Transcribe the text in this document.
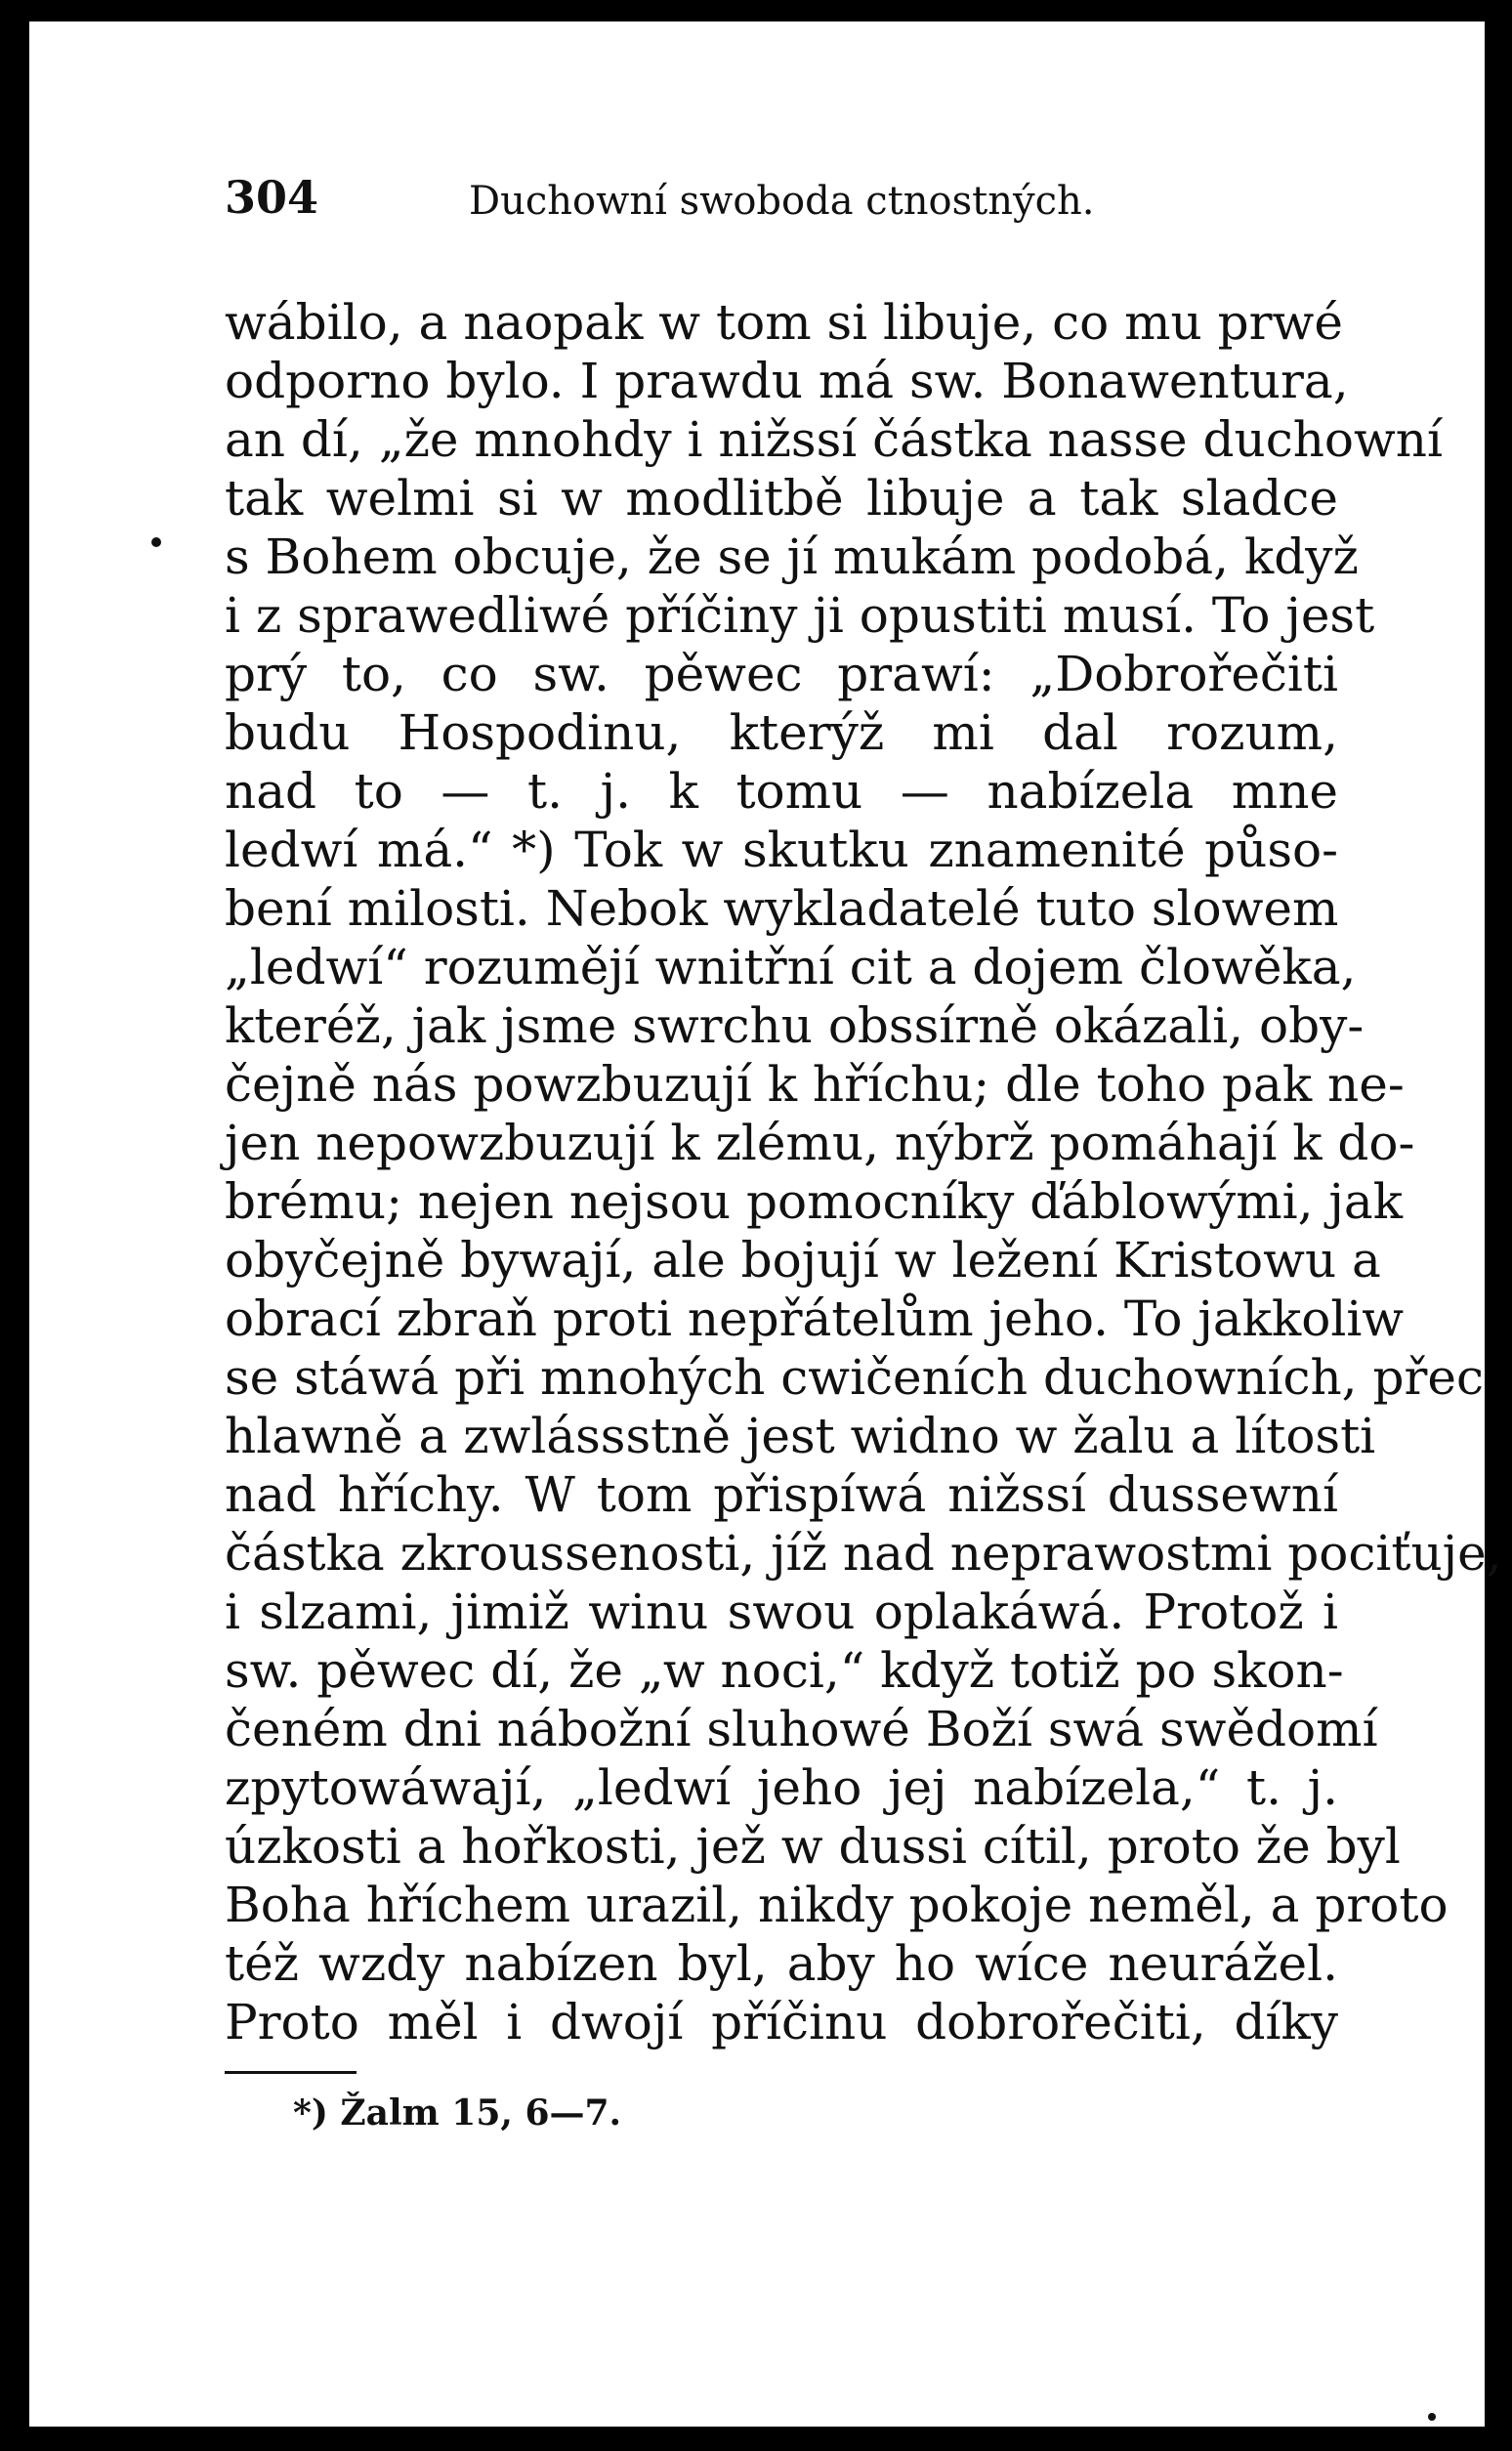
304	Duchowní swoboda ctnostných.
wábilo, a naopak w tom si libuje, co mu prwé
odporno bylo. I prawdu má sw. Bonawentura,
an dí, „že mnohdy i nižssí částka nasse duchowní
tak welmi si w modlitbě libuje a tak sladce
s Bohem obcuje, že se jí mukám podobá, když
i z sprawedliwé příčiny ji opustiti musí. To jest
prý to, co sw. pěwec prawí: „Dobrořečiti
budu Hospodinu, kterýž mi dal rozum,
nad to — t. j. k tomu — nabízela mne
ledwí má.“ *) Tok w skutku znamenité půso-
bení milosti. Nebok wykladatelé tuto slowem
„ledwí“ rozumějí wnitřní cit a dojem člowěka,
kteréž, jak jsme swrchu obssírně okázali, oby-
čejně nás powzbuzují k hříchu; dle toho pak ne-
jen nepowzbuzují k zlému, nýbrž pomáhají k do-
brému; nejen nejsou pomocníky ďáblowými, jak
obyčejně bywají, ale bojují w ležení Kristowu a
obrací zbraň proti nepřátelům jeho. To jakkoliw
se stáwá při mnohých cwičeních duchowních, přec
hlawně a zwlássstně jest widno w žalu a lítosti
nad hříchy. W tom přispíwá nižssí dussewní
částka zkroussenosti, jíž nad neprawostmi pociťuje,
i slzami, jimiž winu swou oplakáwá. Protož i
sw. pěwec dí, že „w noci,“ když totiž po skon-
čeném dni nábožní sluhowé Boží swá swědomí
zpytowáwají, „ledwí jeho jej nabízela,“ t. j.
úzkosti a hořkosti, jež w dussi cítil, proto že byl
Boha hříchem urazil, nikdy pokoje neměl, a proto
též wzdy nabízen byl, aby ho wíce neurážel.
Proto měl i dwojí příčinu dobrořečiti, díky
*) Žalm 15, 6—7.
